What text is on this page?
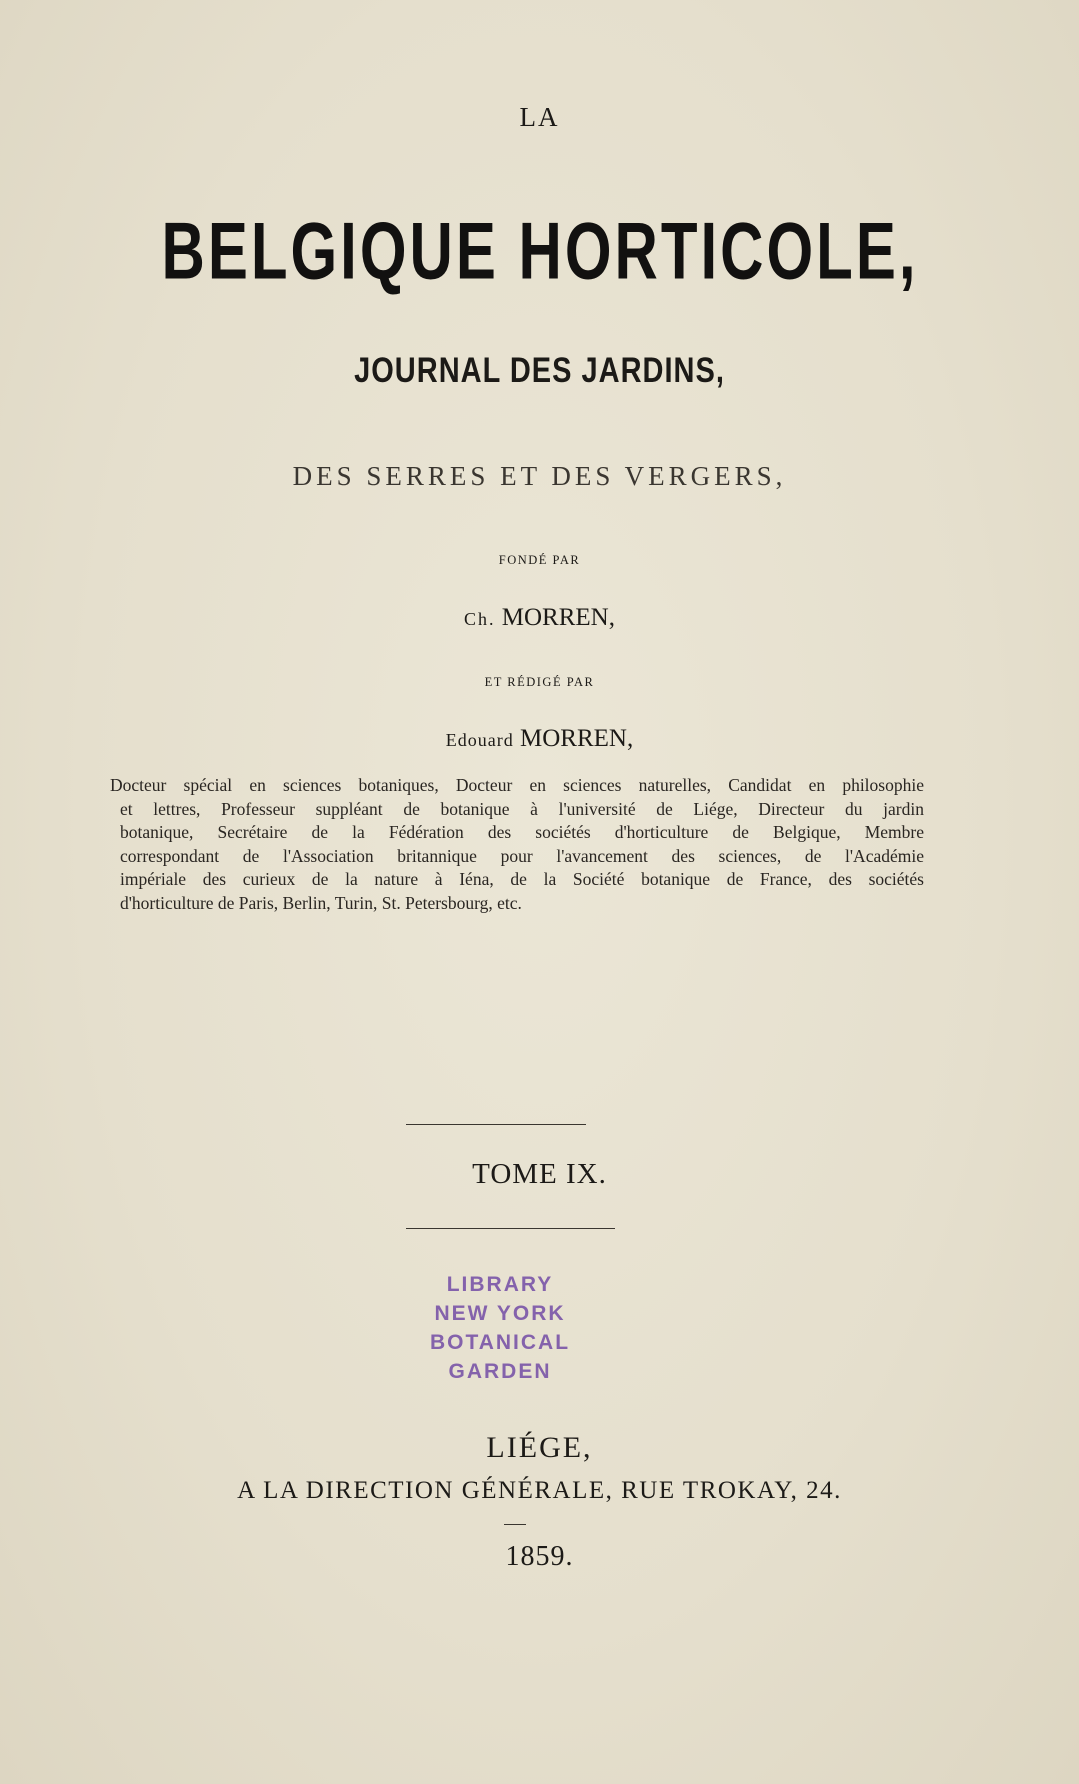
LA
BELGIQUE HORTICOLE,
JOURNAL DES JARDINS,
DES SERRES ET DES VERGERS,
FONDÉ PAR
Ch. MORREN,
ET RÉDIGÉ PAR
Edouard MORREN,
Docteur spécial en sciences botaniques, Docteur en sciences naturelles, Candidat en philosophie
et lettres, Professeur suppléant de botanique à l'université de Liége, Directeur du jardin
botanique, Secrétaire de la Fédération des sociétés d'horticulture de Belgique, Membre
correspondant de l'Association britannique pour l'avancement des sciences, de l'Académie
impériale des curieux de la nature à Iéna, de la Société botanique de France, des sociétés
d'horticulture de Paris, Berlin, Turin, St. Petersbourg, etc.
TOME IX.
LIBRARY
NEW YORK
BOTANICAL
GARDEN
LIÉGE,
A LA DIRECTION GÉNÉRALE, RUE TROKAY, 24.
1859.
